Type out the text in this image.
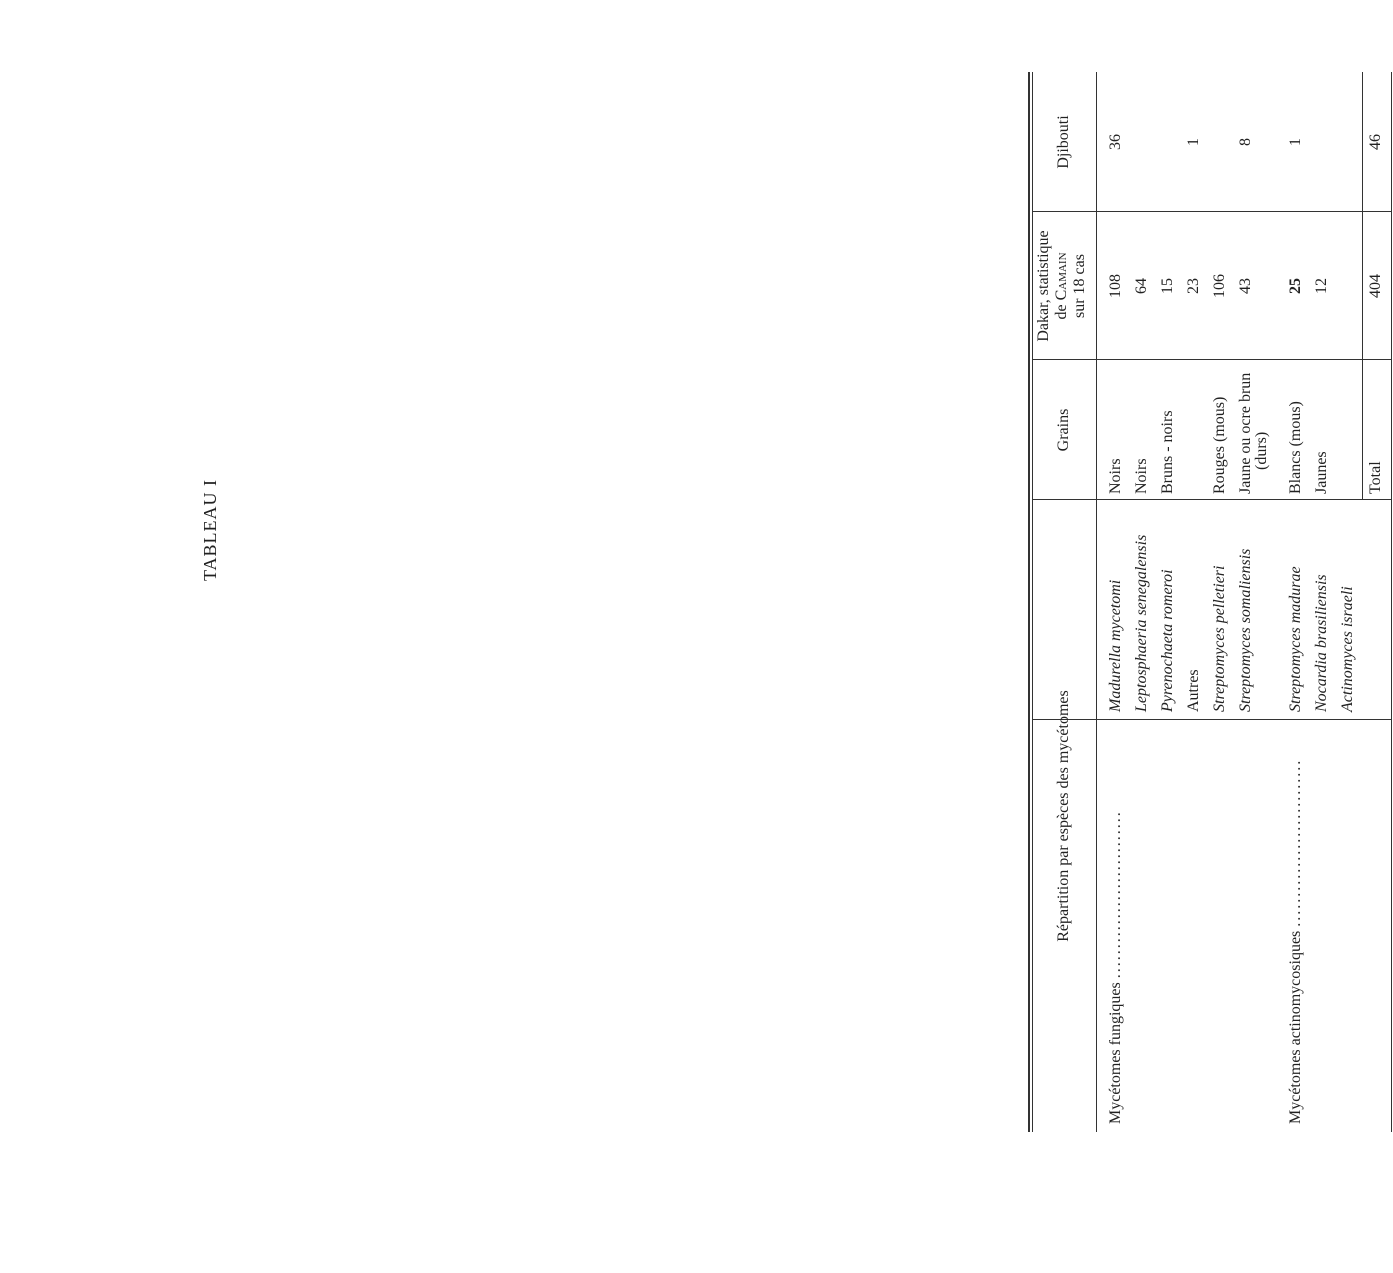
TABLEAU I
Répartition par espèces des mycétomes
Grains
Dakar, statistique de Camain sur 18 cas
Djibouti
Mycétomes fungiques ............................
Mycétomes actinomycosiques ............................
Madurella mycetomi
Noirs
108
36
Leptosphaeria senegalensis
Noirs
64
Pyrenochaeta romeroi
Bruns - noirs
15
Autres
23
1
Streptomyces pelletieri
Rouges (mous)
106
Streptomyces somaliensis
Jaune ou ocre brun (durs)
43
8
Streptomyces madurae
Blancs (mous)
25
1
Nocardia brasiliensis
Jaunes
12
Actinomyces israeli
Total
404
46
